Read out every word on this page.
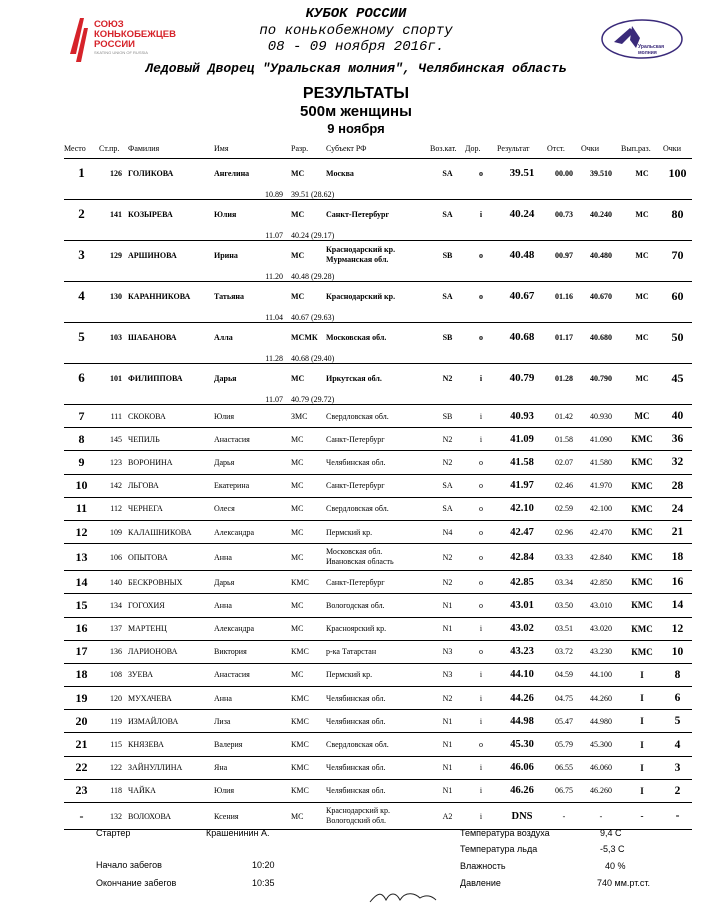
СОЮЗ
КОНЬКОБЕЖЦЕВ
РОССИИ
SKATING UNION OF RUSSIA
Уральская молния
КУБОК РОССИИ
по конькобежному спорту
08 - 09 ноября 2016г.
Ледовый Дворец "Уральская молния", Челябинская область
РЕЗУЛЬТАТЫ
500м женщины
9 ноября
Место	Ст.пр.	Фамилия	Имя	Разр.	Субъект РФ	Воз.кат.	Дор.	Результат	Отст.	Очки	Вып.раз.	Очки
1	126	ГОЛИКОВА	Ангелина	МС	Москва	SA	o	39.51	00.00	39.510	МС	100
			10.89	39.51 (28.62)								
2	141	КОЗЫРЕВА	Юлия	МС	Санкт-Петербург	SA	i	40.24	00.73	40.240	МС	80
			11.07	40.24 (29.17)								
3	129	АРШИНОВА	Ирина	МС	Краснодарский кр.
Мурманская обл.	SB	o	40.48	00.97	40.480	МС	70
			11.20	40.48 (29.28)								
4	130	КАРАННИКОВА	Татьяна	МС	Краснодарский кр.	SA	o	40.67	01.16	40.670	МС	60
			11.04	40.67 (29.63)								
5	103	ШАБАНОВА	Алла	МСМК	Московская обл.	SB	o	40.68	01.17	40.680	МС	50
			11.28	40.68 (29.40)								
6	101	ФИЛИППОВА	Дарья	МС	Иркутская обл.	N2	i	40.79	01.28	40.790	МС	45
			11.07	40.79 (29.72)								
7	111	СКОКОВА	Юлия	ЗМС	Свердловская обл.	SB	i	40.93	01.42	40.930	МС	40
8	145	ЧЕПИЛЬ	Анастасия	МС	Санкт-Петербург	N2	i	41.09	01.58	41.090	КМС	36
9	123	ВОРОНИНА	Дарья	МС	Челябинская обл.	N2	o	41.58	02.07	41.580	КМС	32
10	142	ЛЬГОВА	Екатерина	МС	Санкт-Петербург	SA	o	41.97	02.46	41.970	КМС	28
11	112	ЧЕРНЕГА	Олеся	МС	Свердловская обл.	SA	o	42.10	02.59	42.100	КМС	24
12	109	КАЛАШНИКОВА	Александра	МС	Пермский кр.	N4	o	42.47	02.96	42.470	КМС	21
13	106	ОПЫТОВА	Анна	МС	Московская обл.
Ивановская область	N2	o	42.84	03.33	42.840	КМС	18
14	140	БЕСКРОВНЫХ	Дарья	КМС	Санкт-Петербург	N2	o	42.85	03.34	42.850	КМС	16
15	134	ГОГОХИЯ	Анна	МС	Вологодская обл.	N1	o	43.01	03.50	43.010	КМС	14
16	137	МАРТЕНЦ	Александра	МС	Красноярский кр.	N1	i	43.02	03.51	43.020	КМС	12
17	136	ЛАРИОНОВА	Виктория	КМС	р-ка Татарстан	N3	o	43.23	03.72	43.230	КМС	10
18	108	ЗУЕВА	Анастасия	МС	Пермский кр.	N3	i	44.10	04.59	44.100	I	8
19	120	МУХАЧЕВА	Анна	КМС	Челябинская обл.	N2	i	44.26	04.75	44.260	I	6
20	119	ИЗМАЙЛОВА	Лиза	КМС	Челябинская обл.	N1	i	44.98	05.47	44.980	I	5
21	115	КНЯЗЕВА	Валерия	КМС	Свердловская обл.	N1	o	45.30	05.79	45.300	I	4
22	122	ЗАЙНУЛЛИНА	Яна	КМС	Челябинская обл.	N1	i	46.06	06.55	46.060	I	3
23	118	ЧАЙКА	Юлия	КМС	Челябинская обл.	N1	i	46.26	06.75	46.260	I	2
-	132	ВОЛОХОВА	Ксения	МС	Краснодарский кр.
Вологодский обл.	A2	i	DNS	-	-	-	-
Стартер	Крашенинин А.
Начало забегов	10:20
Окончание забегов	10:35
Температура воздуха	9,4 С
Температура льда	-5,3 С
Влажность	40 %
Давление	740 мм.рт.ст.
